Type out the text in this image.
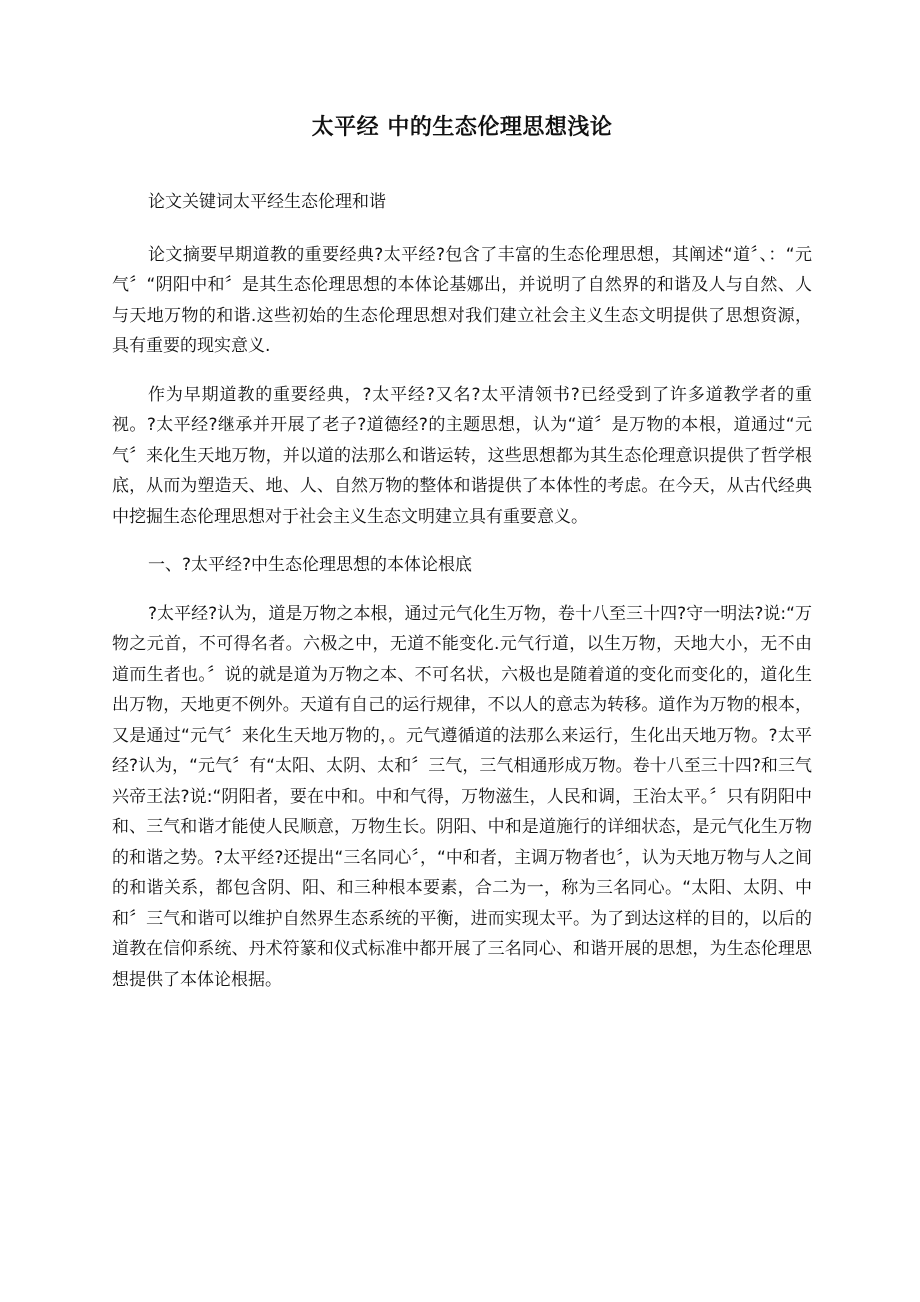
太平经 中的生态伦理思想浅论

论文关键词太平经生态伦理和谐

论文摘要早期道教的重要经典?太平经?包含了丰富的生态伦理思想，其阐述“道〞、：“元气〞“阴阳中和〞是其生态伦理思想的本体论基娜出，并说明了自然界的和谐及人与自然、人与天地万物的和谐.这些初始的生态伦理思想对我们建立社会主义生态文明提供了思想资源，具有重要的现实意义.

作为早期道教的重要经典，?太平经?又名?太平清领书?已经受到了许多道教学者的重视。?太平经?继承并开展了老子?道德经?的主题思想，认为“道〞是万物的本根，道通过“元气〞来化生天地万物，并以道的法那么和谐运转，这些思想都为其生态伦理意识提供了哲学根底，从而为塑造天、地、人、自然万物的整体和谐提供了本体性的考虑。在今天，从古代经典中挖掘生态伦理思想对于社会主义生态文明建立具有重要意义。

一、?太平经?中生态伦理思想的本体论根底

?太平经?认为，道是万物之本根，通过元气化生万物，卷十八至三十四?守一明法?说:“万物之元首，不可得名者。六极之中，无道不能变化.元气行道，以生万物，天地大小，无不由道而生者也。〞说的就是道为万物之本、不可名状，六极也是随着道的变化而变化的，道化生出万物，天地更不例外。天道有自己的运行规律，不以人的意志为转移。道作为万物的根本，又是通过“元气〞来化生天地万物的，。元气遵循道的法那么来运行，生化出天地万物。?太平经?认为，“元气〞有“太阳、太阴、太和〞三气，三气相通形成万物。卷十八至三十四?和三气兴帝王法?说:“阴阳者，要在中和。中和气得，万物滋生，人民和调，王治太平。〞只有阴阳中和、三气和谐才能使人民顺意，万物生长。阴阳、中和是道施行的详细状态，是元气化生万物的和谐之势。?太平经?还提出“三名同心〞，“中和者，主调万物者也〞，认为天地万物与人之间的和谐关系，都包含阴、阳、和三种根本要素，合二为一，称为三名同心。“太阳、太阴、中和〞三气和谐可以维护自然界生态系统的平衡，进而实现太平。为了到达这样的目的，以后的道教在信仰系统、丹术符篆和仪式标准中都开展了三名同心、和谐开展的思想，为生态伦理思想提供了本体论根据。
